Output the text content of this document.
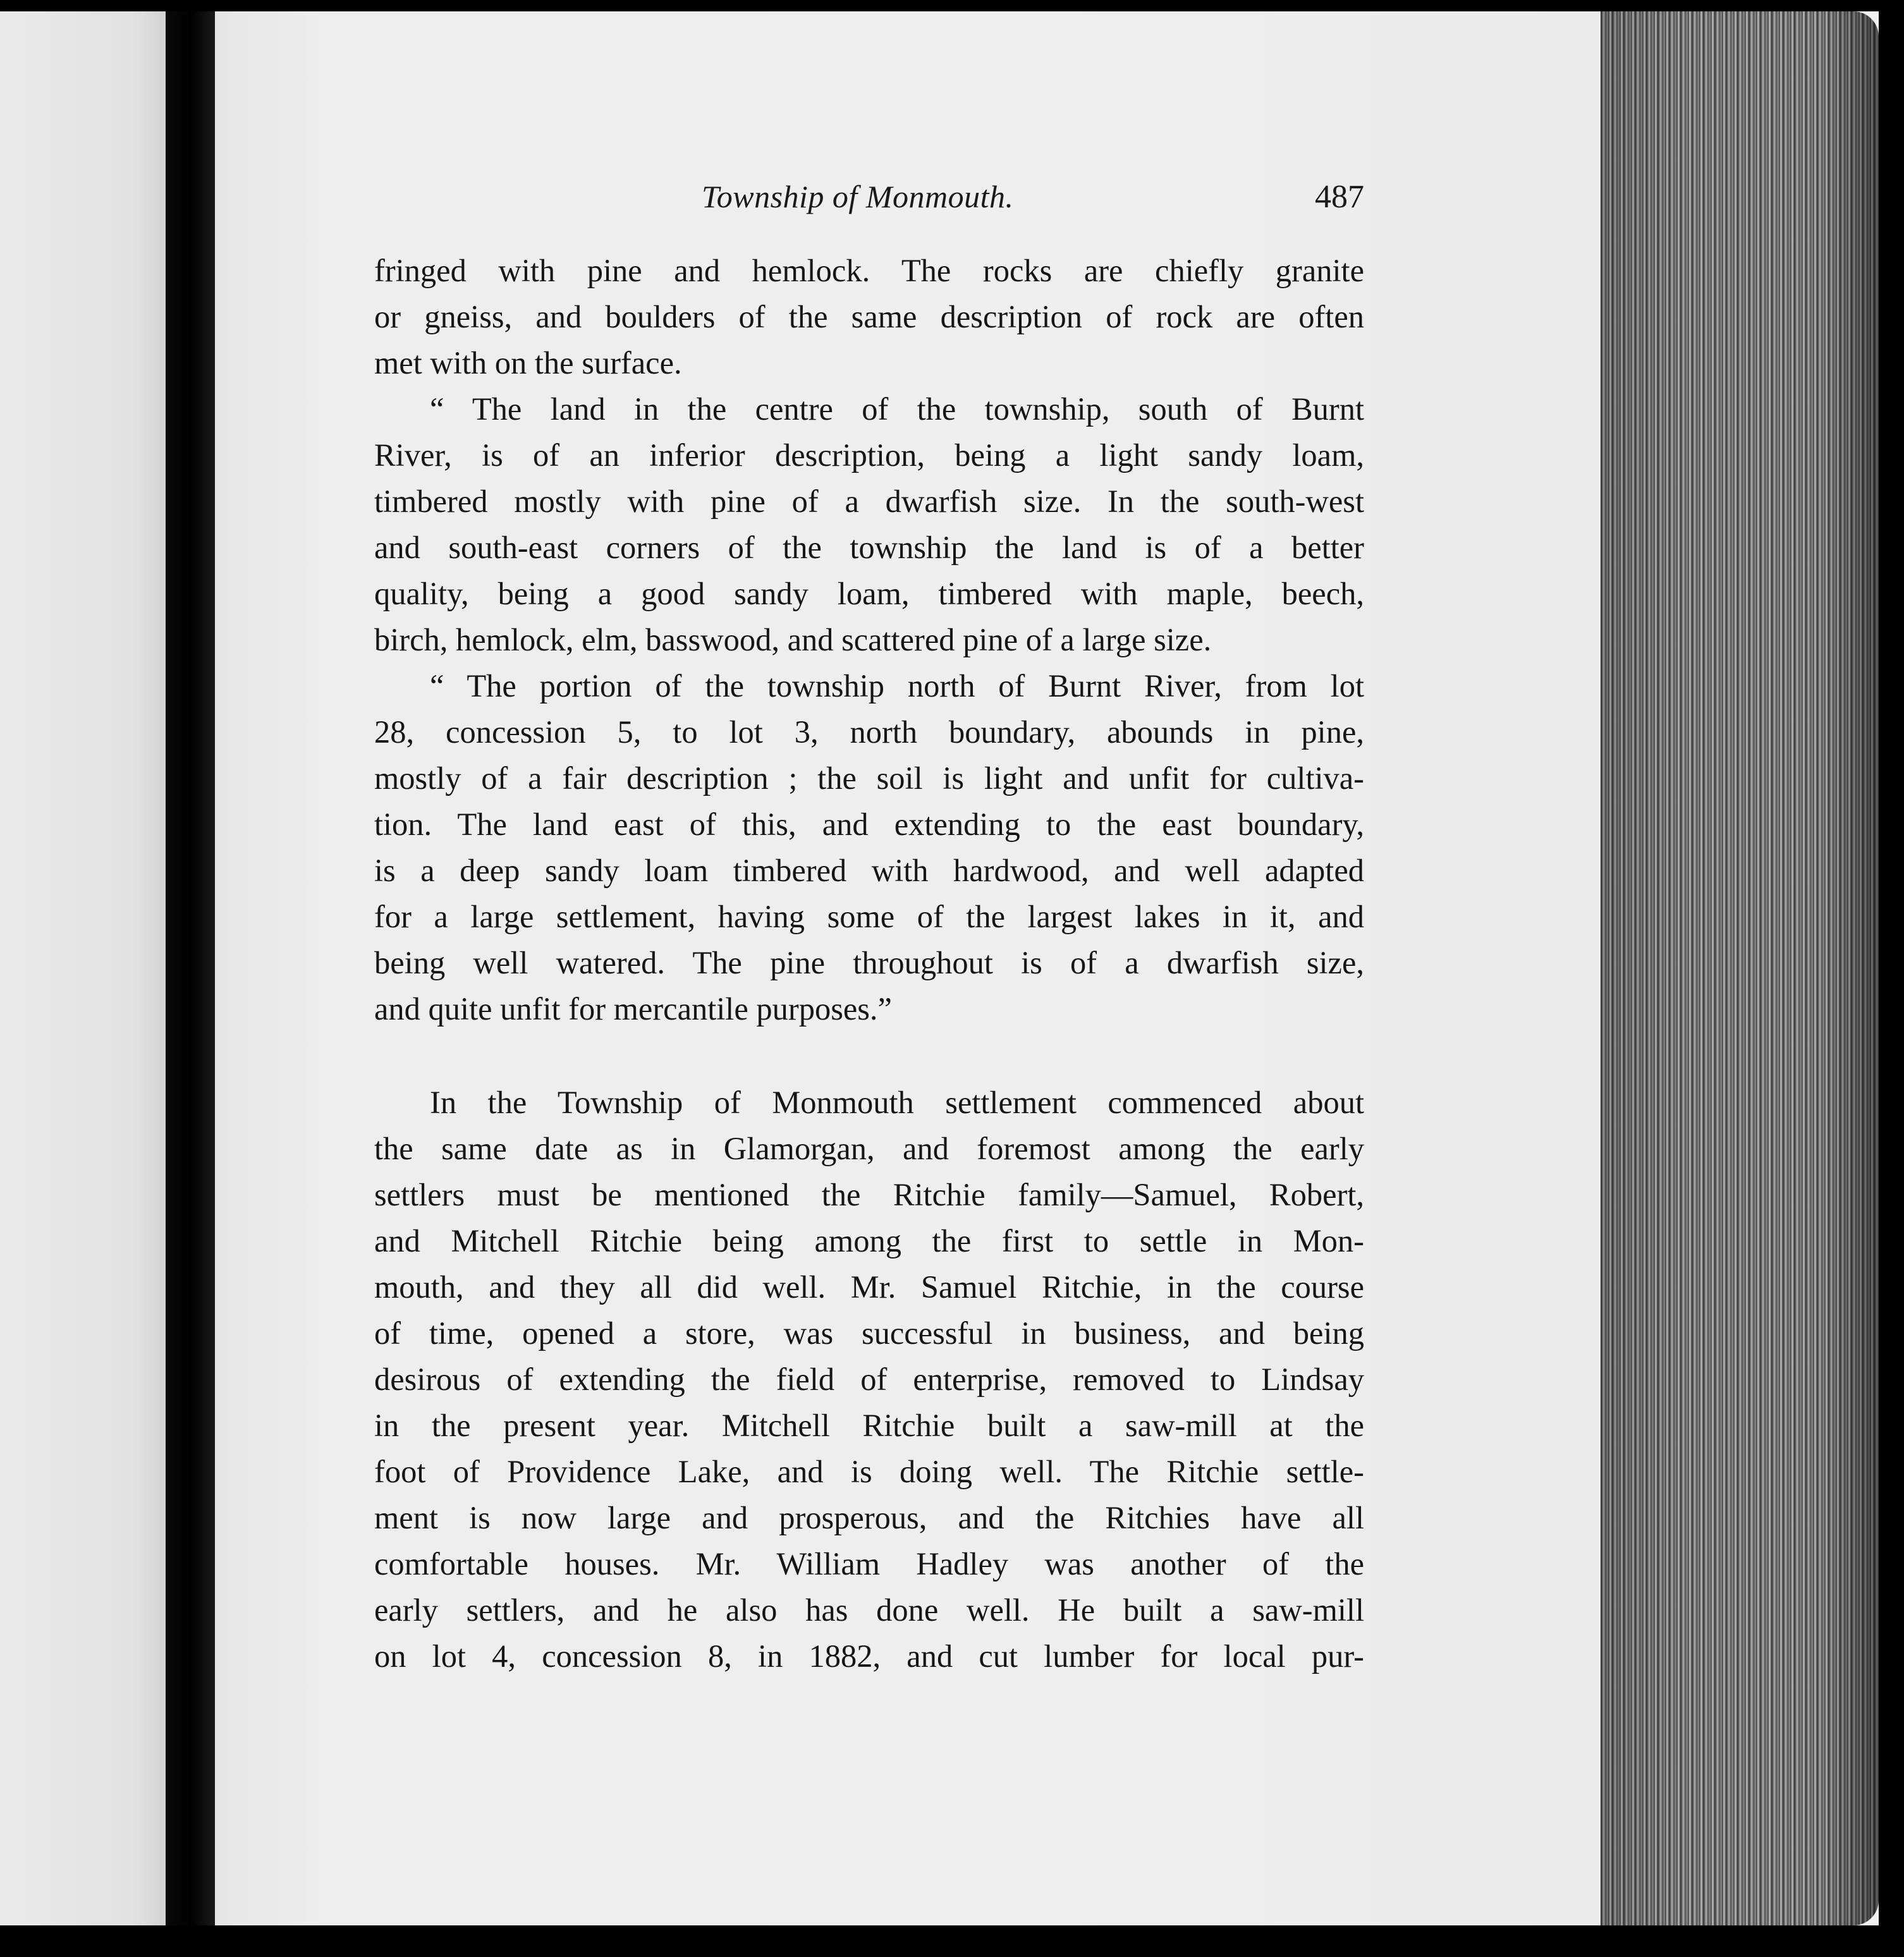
Township of Monmouth.	487
fringed with pine and hemlock. The rocks are chiefly granite
or gneiss, and boulders of the same description of rock are often
met with on the surface.
“ The land in the centre of the township, south of Burnt
River, is of an inferior description, being a light sandy loam,
timbered mostly with pine of a dwarfish size. In the south-west
and south-east corners of the township the land is of a better
quality, being a good sandy loam, timbered with maple, beech,
birch, hemlock, elm, basswood, and scattered pine of a large size.
“ The portion of the township north of Burnt River, from lot
28, concession 5, to lot 3, north boundary, abounds in pine,
mostly of a fair description ; the soil is light and unfit for cultiva-
tion. The land east of this, and extending to the east boundary,
is a deep sandy loam timbered with hardwood, and well adapted
for a large settlement, having some of the largest lakes in it, and
being well watered. The pine throughout is of a dwarfish size,
and quite unfit for mercantile purposes.”
In the Township of Monmouth settlement commenced about
the same date as in Glamorgan, and foremost among the early
settlers must be mentioned the Ritchie family—Samuel, Robert,
and Mitchell Ritchie being among the first to settle in Mon-
mouth, and they all did well. Mr. Samuel Ritchie, in the course
of time, opened a store, was successful in business, and being
desirous of extending the field of enterprise, removed to Lindsay
in the present year. Mitchell Ritchie built a saw-mill at the
foot of Providence Lake, and is doing well. The Ritchie settle-
ment is now large and prosperous, and the Ritchies have all
comfortable houses. Mr. William Hadley was another of the
early settlers, and he also has done well. He built a saw-mill
on lot 4, concession 8, in 1882, and cut lumber for local pur-
